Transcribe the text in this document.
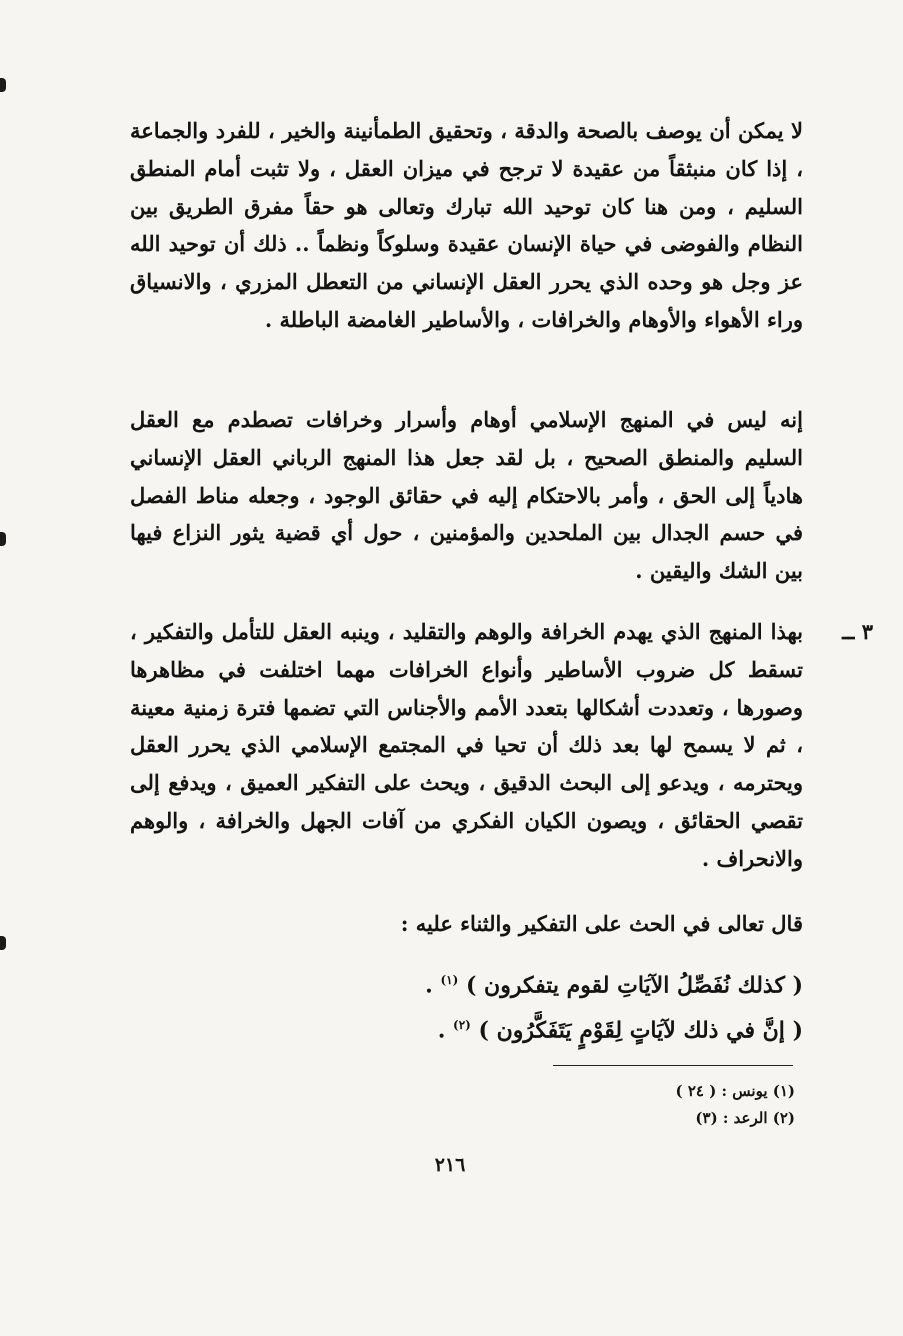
لا يمكن أن يوصف بالصحة والدقة ، وتحقيق الطمأنينة والخير ، للفرد والجماعة ، إذا كان منبثقاً من عقيدة لا ترجح في ميزان العقل ، ولا تثبت أمام المنطق السليم ، ومن هنا كان توحيد الله تبارك وتعالى هو حقاً مفرق الطريق بين النظام والفوضى في حياة الإنسان عقيدة وسلوكاً ونظماً .. ذلك أن توحيد الله عز وجل هو وحده الذي يحرر العقل الإنساني من التعطل المزري ، والانسياق وراء الأهواء والأوهام والخرافات ، والأساطير الغامضة الباطلة .

إنه ليس في المنهج الإسلامي أوهام وأسرار وخرافات تصطدم مع العقل السليم والمنطق الصحيح ، بل لقد جعل هذا المنهج الرباني العقل الإنساني هادياً إلى الحق ، وأمر بالاحتكام إليه في حقائق الوجود ، وجعله مناط الفصل في حسم الجدال بين الملحدين والمؤمنين ، حول أي قضية يثور النزاع فيها بين الشك واليقين .

٣ ــ

بهذا المنهج الذي يهدم الخرافة والوهم والتقليد ، وينبه العقل للتأمل والتفكير ، تسقط كل ضروب الأساطير وأنواع الخرافات مهما اختلفت في مظاهرها وصورها ، وتعددت أشكالها بتعدد الأمم والأجناس التي تضمها فترة زمنية معينة ، ثم لا يسمح لها بعد ذلك أن تحيا في المجتمع الإسلامي الذي يحرر العقل ويحترمه ، ويدعو إلى البحث الدقيق ، ويحث على التفكير العميق ، ويدفع إلى تقصي الحقائق ، ويصون الكيان الفكري من آفات الجهل والخرافة ، والوهم والانحراف .

قال تعالى في الحث على التفكير والثناء عليه :

( كذلك نُفَصِّلُ الآيَاتِ لقوم يتفكرون ) $^{(١)}$ .

( إنَّ في ذلك لآيَاتٍ لِقَوْمٍ يَتَفَكَّرُون ) $^{(٢)}$ .

(١) يونس : ( ٢٤ )
(٢) الرعد : (٣)
٢١٦
